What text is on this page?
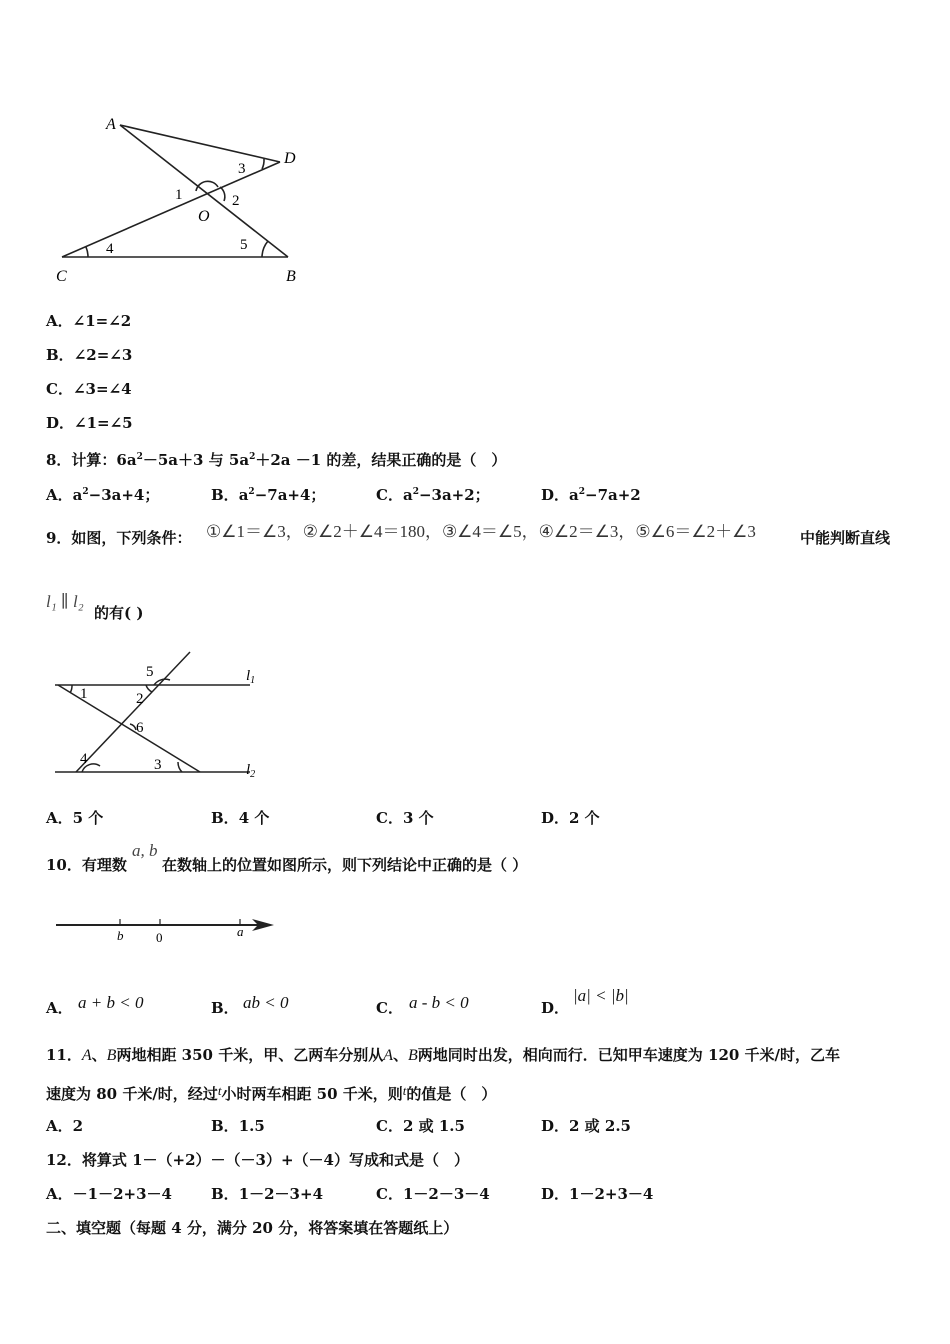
A
D
C	B
O
1	2
3
4	5
A．∠1=∠2
B．∠2=∠3
C．∠3=∠4
D．∠1=∠5
8．计算：$6a^2-5a+3$ 与 $5a^2+2a -1$ 的差，结果正确的是（　）
A．$a^2-3a+4$；	B．$a^2-7a+4$；	C．$a^2-3a+2$；	D．$a^2-7a+2$
9．如图，下列条件： ①∠1＝∠3，②∠2＋∠4＝180，③∠4＝∠5，④∠2＝∠3，⑤∠6＝∠2＋∠3	中能判断直线
l₁ ∥ l₂
的有( )
1	2
3
4
5
6
$l_1$
$l_2$
A．5 个	B．4 个	C．3 个	D．2 个
10．有理数
a, b
在数轴上的位置如图所示，则下列结论中正确的是（ ）
b	0	a
A． a + b < 0	B． ab < 0	C． a - b < 0	D．
|a| < |b|
11．A、B两地相距 350 千米，甲、乙两车分别从A、B两地同时出发，相向而行．已知甲车速度为 120 千米/时，乙车
速度为 80 千米/时，经过t小时两车相距 50 千米，则t的值是（　）
A．2	B．1.5	C．2 或 1.5	D．2 或 2.5
12．将算式 1－（+2）－（－3）+（－4）写成和式是（　）
A．－1－2+3－4	B．1－2－3+4	C．1－2－3－4	D．1－2+3－4
二、填空题（每题 4 分，满分 20 分，将答案填在答题纸上）
